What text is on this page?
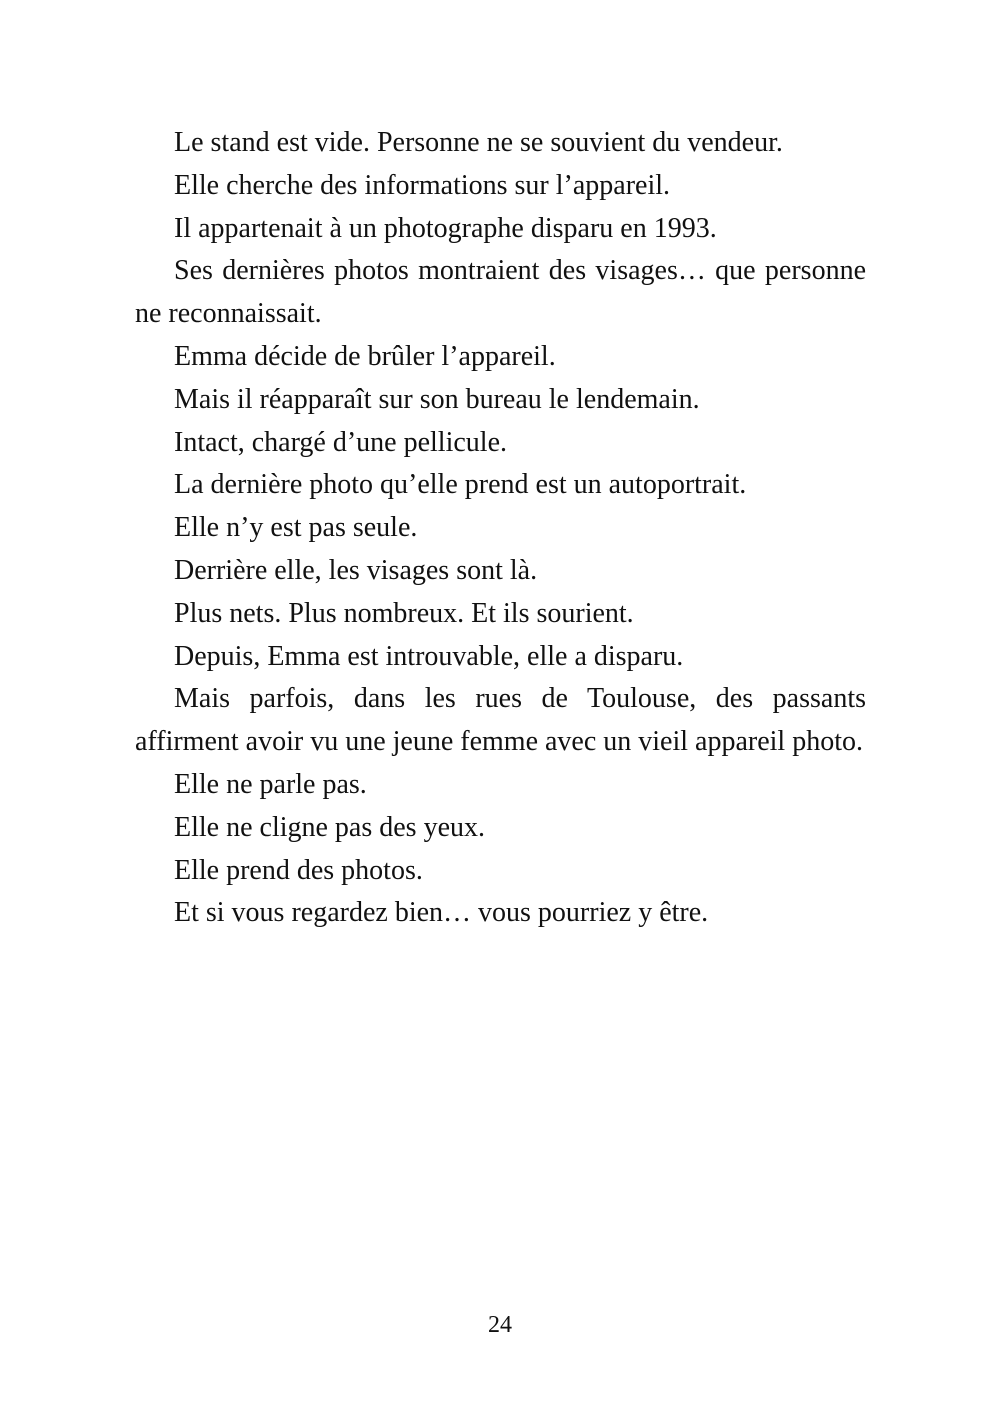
Le stand est vide. Personne ne se souvient du vendeur.

Elle cherche des informations sur l’appareil.

Il appartenait à un photographe disparu en 1993.

Ses dernières photos montraient des visages… que personne ne reconnaissait.

Emma décide de brûler l’appareil.

Mais il réapparaît sur son bureau le lendemain.

Intact, chargé d’une pellicule.

La dernière photo qu’elle prend est un autoportrait.

Elle n’y est pas seule.

Derrière elle, les visages sont là.

Plus nets. Plus nombreux. Et ils sourient.

Depuis, Emma est introuvable, elle a disparu.

Mais parfois, dans les rues de Toulouse, des passants affirment avoir vu une jeune femme avec un vieil appareil photo.

Elle ne parle pas.

Elle ne cligne pas des yeux.

Elle prend des photos.

Et si vous regardez bien… vous pourriez y être.

24
